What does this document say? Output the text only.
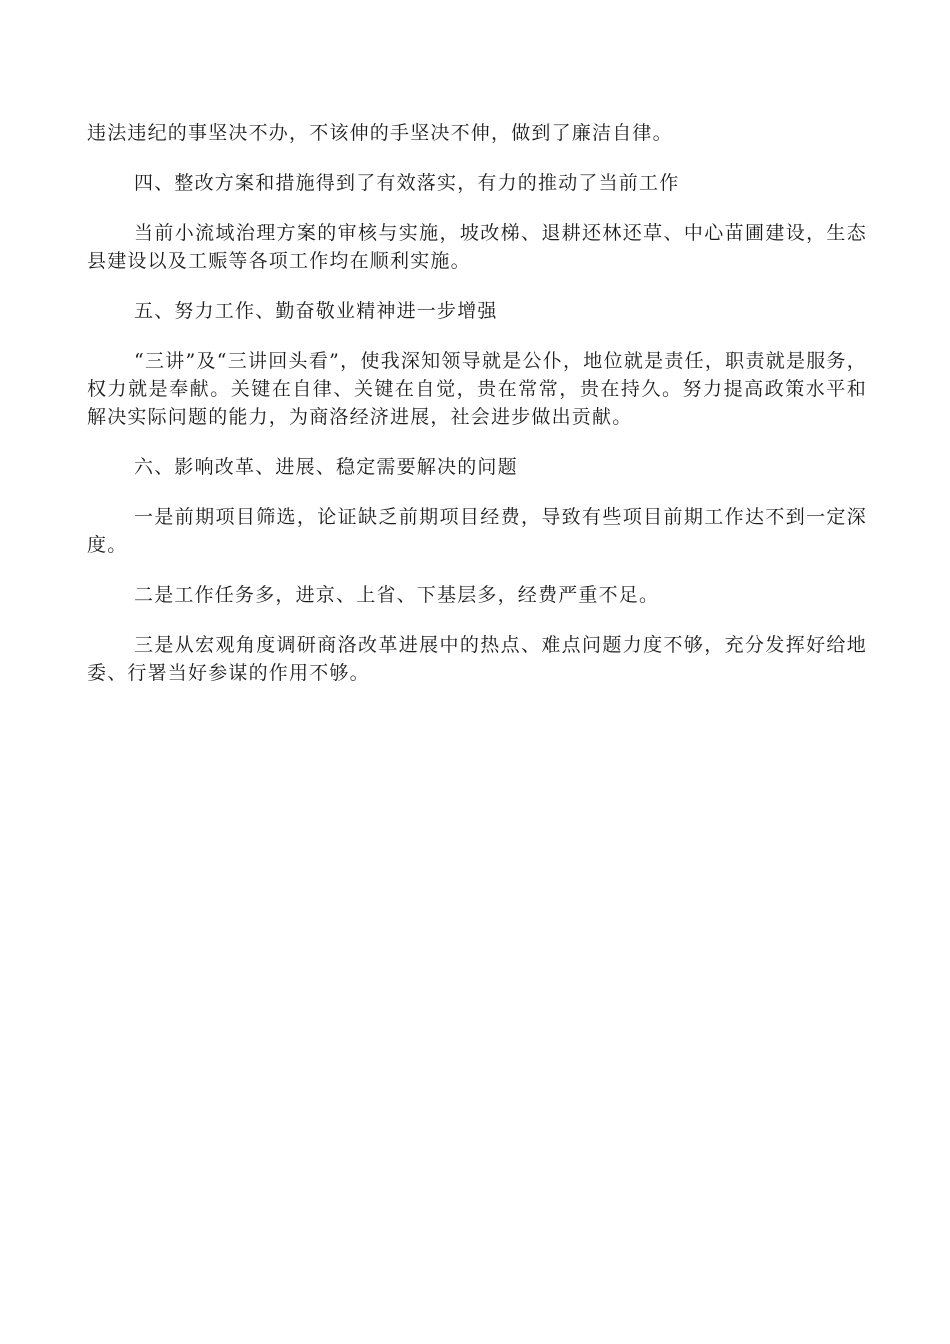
违法违纪的事坚决不办，不该伸的手坚决不伸，做到了廉洁自律。

四、整改方案和措施得到了有效落实，有力的推动了当前工作

当前小流域治理方案的审核与实施，坡改梯、退耕还林还草、中心苗圃建设，生态县建设以及工赈等各项工作均在顺利实施。

五、努力工作、勤奋敬业精神进一步增强

“三讲”及“三讲回头看”，使我深知领导就是公仆，地位就是责任，职责就是服务，权力就是奉献。关键在自律、关键在自觉，贵在常常，贵在持久。努力提高政策水平和解决实际问题的能力，为商洛经济进展，社会进步做出贡献。

六、影响改革、进展、稳定需要解决的问题

一是前期项目筛选，论证缺乏前期项目经费，导致有些项目前期工作达不到一定深度。

二是工作任务多，进京、上省、下基层多，经费严重不足。

三是从宏观角度调研商洛改革进展中的热点、难点问题力度不够，充分发挥好给地委、行署当好参谋的作用不够。
